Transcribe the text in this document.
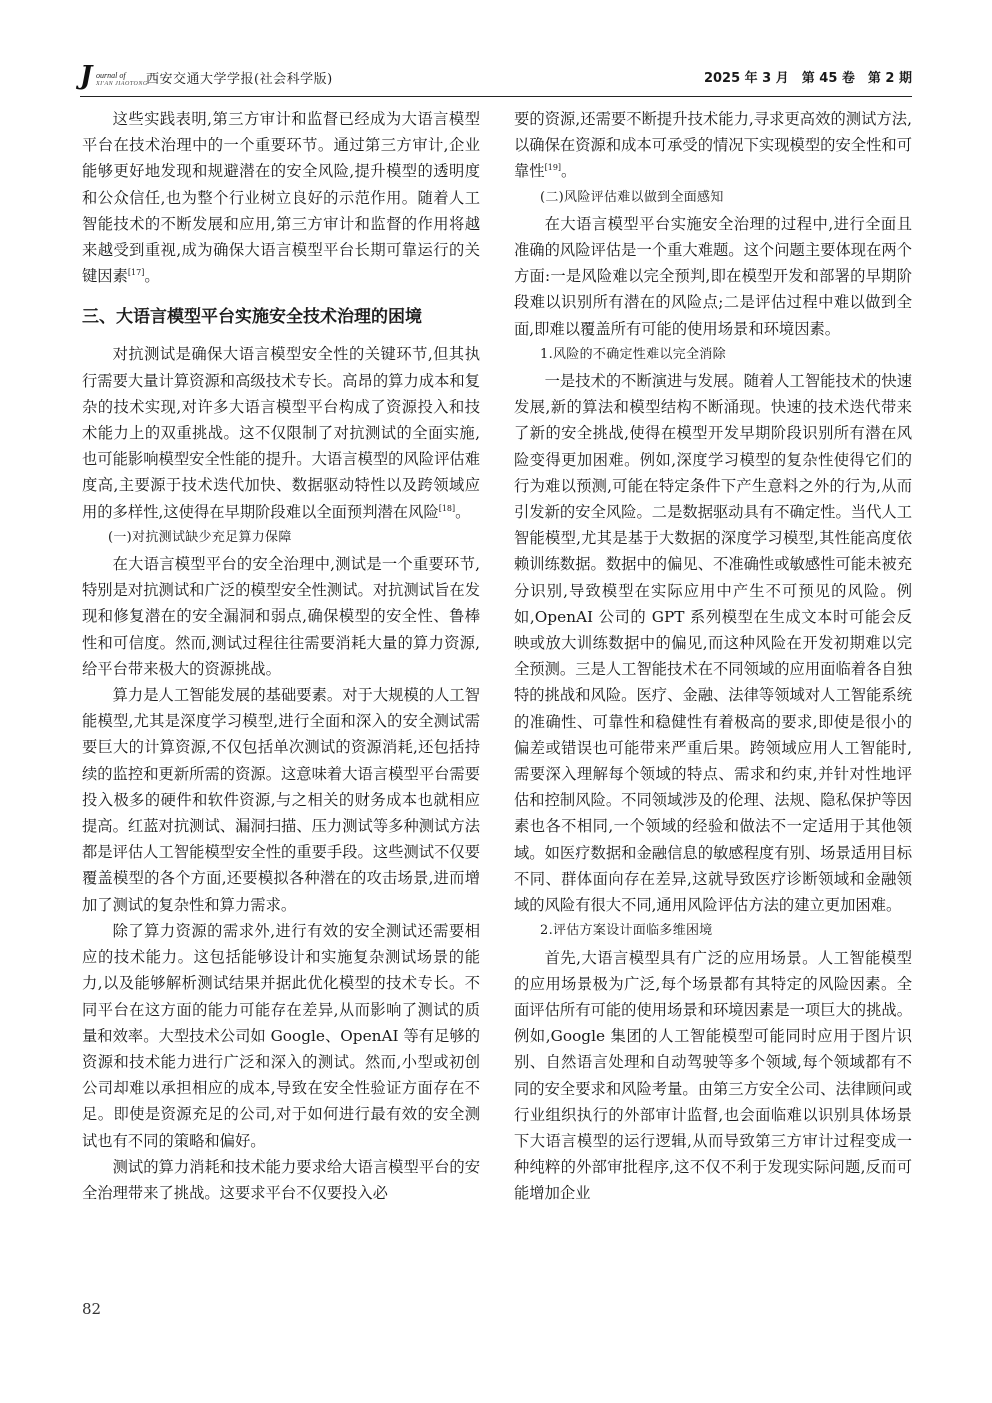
J ournal of
XI'AN JIAOTONG
西安交通大学学报(社会科学版)	2025 年 3 月　第 45 卷　第 2 期

这些实践表明,第三方审计和监督已经成为大语言模型平台在技术治理中的一个重要环节。通过第三方审计,企业能够更好地发现和规避潜在的安全风险,提升模型的透明度和公众信任,也为整个行业树立良好的示范作用。随着人工智能技术的不断发展和应用,第三方审计和监督的作用将越来越受到重视,成为确保大语言模型平台长期可靠运行的关键因素[17]。

三、大语言模型平台实施安全技术治理的困境

对抗测试是确保大语言模型安全性的关键环节,但其执行需要大量计算资源和高级技术专长。高昂的算力成本和复杂的技术实现,对许多大语言模型平台构成了资源投入和技术能力上的双重挑战。这不仅限制了对抗测试的全面实施,也可能影响模型安全性能的提升。大语言模型的风险评估难度高,主要源于技术迭代加快、数据驱动特性以及跨领域应用的多样性,这使得在早期阶段难以全面预判潜在风险[18]。

(一)对抗测试缺少充足算力保障

在大语言模型平台的安全治理中,测试是一个重要环节,特别是对抗测试和广泛的模型安全性测试。对抗测试旨在发现和修复潜在的安全漏洞和弱点,确保模型的安全性、鲁棒性和可信度。然而,测试过程往往需要消耗大量的算力资源,给平台带来极大的资源挑战。

算力是人工智能发展的基础要素。对于大规模的人工智能模型,尤其是深度学习模型,进行全面和深入的安全测试需要巨大的计算资源,不仅包括单次测试的资源消耗,还包括持续的监控和更新所需的资源。这意味着大语言模型平台需要投入极多的硬件和软件资源,与之相关的财务成本也就相应提高。红蓝对抗测试、漏洞扫描、压力测试等多种测试方法都是评估人工智能模型安全性的重要手段。这些测试不仅要覆盖模型的各个方面,还要模拟各种潜在的攻击场景,进而增加了测试的复杂性和算力需求。

除了算力资源的需求外,进行有效的安全测试还需要相应的技术能力。这包括能够设计和实施复杂测试场景的能力,以及能够解析测试结果并据此优化模型的技术专长。不同平台在这方面的能力可能存在差异,从而影响了测试的质量和效率。大型技术公司如 Google、OpenAI 等有足够的资源和技术能力进行广泛和深入的测试。然而,小型或初创公司却难以承担相应的成本,导致在安全性验证方面存在不足。即使是资源充足的公司,对于如何进行最有效的安全测试也有不同的策略和偏好。

测试的算力消耗和技术能力要求给大语言模型平台的安全治理带来了挑战。这要求平台不仅要投入必

要的资源,还需要不断提升技术能力,寻求更高效的测试方法,以确保在资源和成本可承受的情况下实现模型的安全性和可靠性[19]。

(二)风险评估难以做到全面感知

在大语言模型平台实施安全治理的过程中,进行全面且准确的风险评估是一个重大难题。这个问题主要体现在两个方面:一是风险难以完全预判,即在模型开发和部署的早期阶段难以识别所有潜在的风险点;二是评估过程中难以做到全面,即难以覆盖所有可能的使用场景和环境因素。

1.风险的不确定性难以完全消除

一是技术的不断演进与发展。随着人工智能技术的快速发展,新的算法和模型结构不断涌现。快速的技术迭代带来了新的安全挑战,使得在模型开发早期阶段识别所有潜在风险变得更加困难。例如,深度学习模型的复杂性使得它们的行为难以预测,可能在特定条件下产生意料之外的行为,从而引发新的安全风险。二是数据驱动具有不确定性。当代人工智能模型,尤其是基于大数据的深度学习模型,其性能高度依赖训练数据。数据中的偏见、不准确性或敏感性可能未被充分识别,导致模型在实际应用中产生不可预见的风险。例如,OpenAI 公司的 GPT 系列模型在生成文本时可能会反映或放大训练数据中的偏见,而这种风险在开发初期难以完全预测。三是人工智能技术在不同领域的应用面临着各自独特的挑战和风险。医疗、金融、法律等领域对人工智能系统的准确性、可靠性和稳健性有着极高的要求,即使是很小的偏差或错误也可能带来严重后果。跨领域应用人工智能时,需要深入理解每个领域的特点、需求和约束,并针对性地评估和控制风险。不同领域涉及的伦理、法规、隐私保护等因素也各不相同,一个领域的经验和做法不一定适用于其他领域。如医疗数据和金融信息的敏感程度有别、场景适用目标不同、群体面向存在差异,这就导致医疗诊断领域和金融领域的风险有很大不同,通用风险评估方法的建立更加困难。

2.评估方案设计面临多维困境

首先,大语言模型具有广泛的应用场景。人工智能模型的应用场景极为广泛,每个场景都有其特定的风险因素。全面评估所有可能的使用场景和环境因素是一项巨大的挑战。例如,Google 集团的人工智能模型可能同时应用于图片识别、自然语言处理和自动驾驶等多个领域,每个领域都有不同的安全要求和风险考量。由第三方安全公司、法律顾问或行业组织执行的外部审计监督,也会面临难以识别具体场景下大语言模型的运行逻辑,从而导致第三方审计过程变成一种纯粹的外部审批程序,这不仅不利于发现实际问题,反而可能增加企业

82
